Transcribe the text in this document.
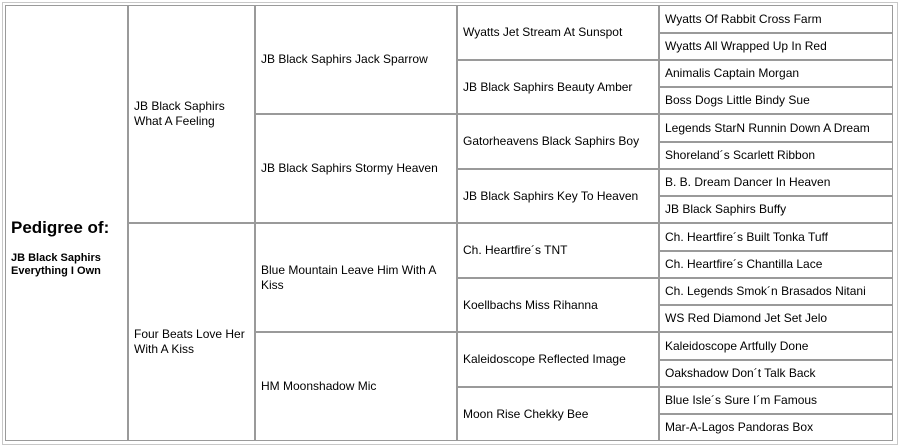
Pedigree of:
JB Black Saphirs Everything I Own
JB Black Saphirs What A Feeling
Four Beats Love Her With A Kiss
JB Black Saphirs Jack Sparrow
JB Black Saphirs Stormy Heaven
Blue Mountain Leave Him With A Kiss
HM Moonshadow Mic
Wyatts Jet Stream At Sunspot
JB Black Saphirs Beauty Amber
Gatorheavens Black Saphirs Boy
JB Black Saphirs Key To Heaven
Ch. Heartfire´s TNT
Koellbachs Miss Rihanna
Kaleidoscope Reflected Image
Moon Rise Chekky Bee
Wyatts Of Rabbit Cross Farm
Wyatts All Wrapped Up In Red
Animalis Captain Morgan
Boss Dogs Little Bindy Sue
Legends StarN Runnin Down A Dream
Shoreland´s Scarlett Ribbon
B. B. Dream Dancer In Heaven
JB Black Saphirs Buffy
Ch. Heartfire´s Built Tonka Tuff
Ch. Heartfire´s Chantilla Lace
Ch. Legends Smok´n Brasados Nitani
WS Red Diamond Jet Set Jelo
Kaleidoscope Artfully Done
Oakshadow Don´t Talk Back
Blue Isle´s Sure I´m Famous
Mar-A-Lagos Pandoras Box
